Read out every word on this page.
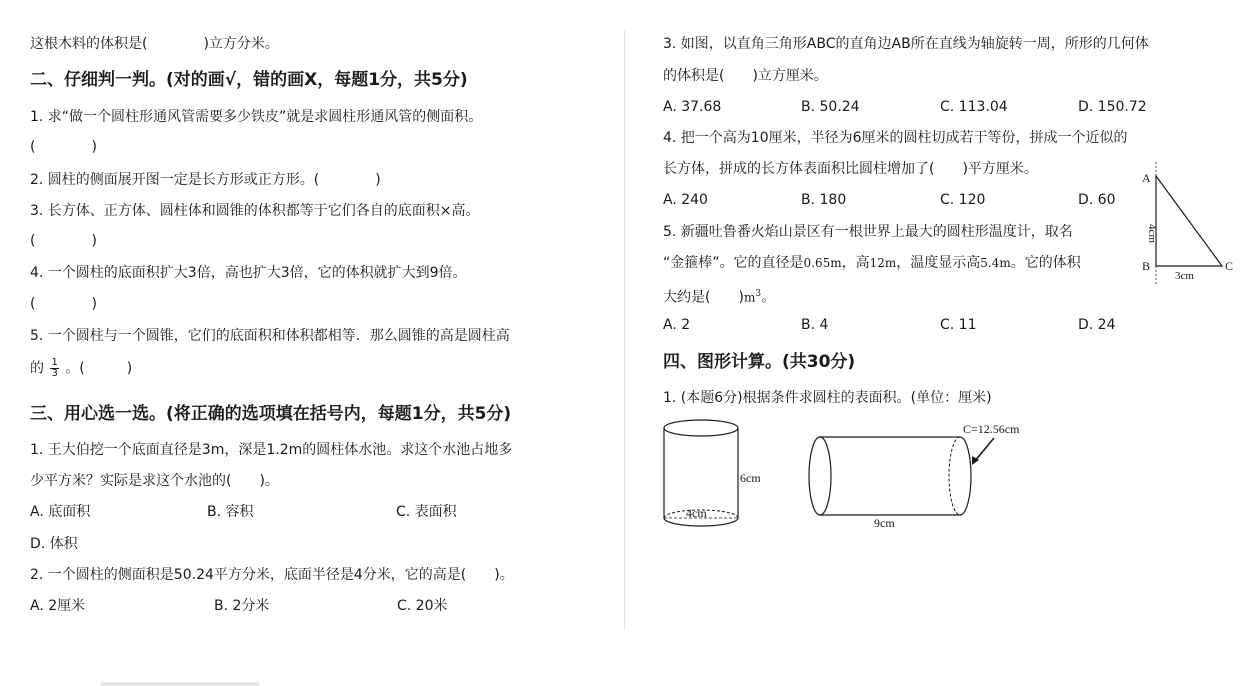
这根木料的体积是(　　　　)立方分米。
二、仔细判一判。(对的画√，错的画X，每题1分，共5分)
1. 求“做一个圆柱形通风管需要多少铁皮”就是求圆柱形通风管的侧面积。
(　　　　)
2. 圆柱的侧面展开图一定是长方形或正方形。(　　　　)
3. 长方体、正方体、圆柱体和圆锥的体积都等于它们各自的底面积×高。
(　　　　)
4. 一个圆柱的底面积扩大3倍，高也扩大3倍，它的体积就扩大到9倍。
(　　　　)
5. 一个圆柱与一个圆锥，它们的底面积和体积都相等．那么圆锥的高是圆柱高
的 $\frac{1}{3}$ 。(　　　)
三、用心选一选。(将正确的选项填在括号内，每题1分，共5分)
1. 王大伯挖一个底面直径是3m，深是1.2m的圆柱体水池。求这个水池占地多
少平方米？实际是求这个水池的(　　)。
A. 底面积	B. 容积	C. 表面积
D. 体积
2. 一个圆柱的侧面积是50.24平方分米，底面半径是4分米，它的高是(　　)。
A. 2厘米	B. 2分米	C. 20米
3. 如图，以直角三角形ABC的直角边AB所在直线为轴旋转一周，所形的几何体
的体积是(　　)立方厘米。
A. 37.68	B. 50.24	C. 113.04	D. 150.72
4. 把一个高为10厘米，半径为6厘米的圆柱切成若干等份，拼成一个近似的
长方体，拼成的长方体表面积比圆柱增加了(　　)平方厘米。
A. 240	B. 180	C. 120	D. 60
5. 新疆吐鲁番火焰山景区有一根世界上最大的圆柱形温度计，取名
“金箍棒”。它的直径是0.65m，高12m，温度显示高5.4m。它的体积
大约是(　　)$m^3$。
A. 2	B. 4	C. 11	D. 24
四、图形计算。(共30分)
1. (本题6分)根据条件求圆柱的表面积。(单位：厘米)
A
B	C
4cm
3cm
4cm
6cm
C=12.56cm
9cm
